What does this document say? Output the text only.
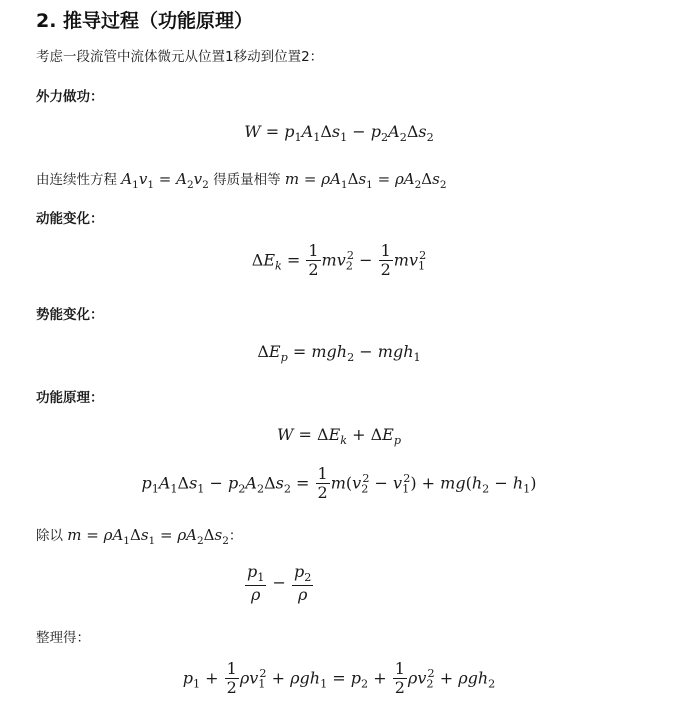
2. 推导过程（功能原理）
考虑一段流管中流体微元从位置1移动到位置2：
外力做功：
$W = p_1A_1\Delta s_1 - p_2A_2\Delta s_2$
由连续性方程 $A_1v_1 = A_2v_2$ 得质量相等 $m = \rho A_1\Delta s_1 = \rho A_2\Delta s_2$
动能变化：
$\Delta E_k = \frac{1}{2} mv_2^2 - \frac{1}{2} mv_1^2$
势能变化：
$\Delta E_p = mgh_2 - mgh_1$
功能原理：
$W = \Delta E_k + \Delta E_p$
$p_1A_1\Delta s_1 - p_2A_2\Delta s_2 = \frac{1}{2} m(v_2^2 - v_1^2) + mg(h_2 - h_1)$
除以 $m = \rho A_1\Delta s_1 = \rho A_2\Delta s_2$：
$\frac{p_1}{\rho} - \frac{p_2}{\rho}$
整理得：
$p_1 + \frac{1}{2} \rho v_1^2 + \rho gh_1 = p_2 + \frac{1}{2} \rho v_2^2 + \rho gh_2$
